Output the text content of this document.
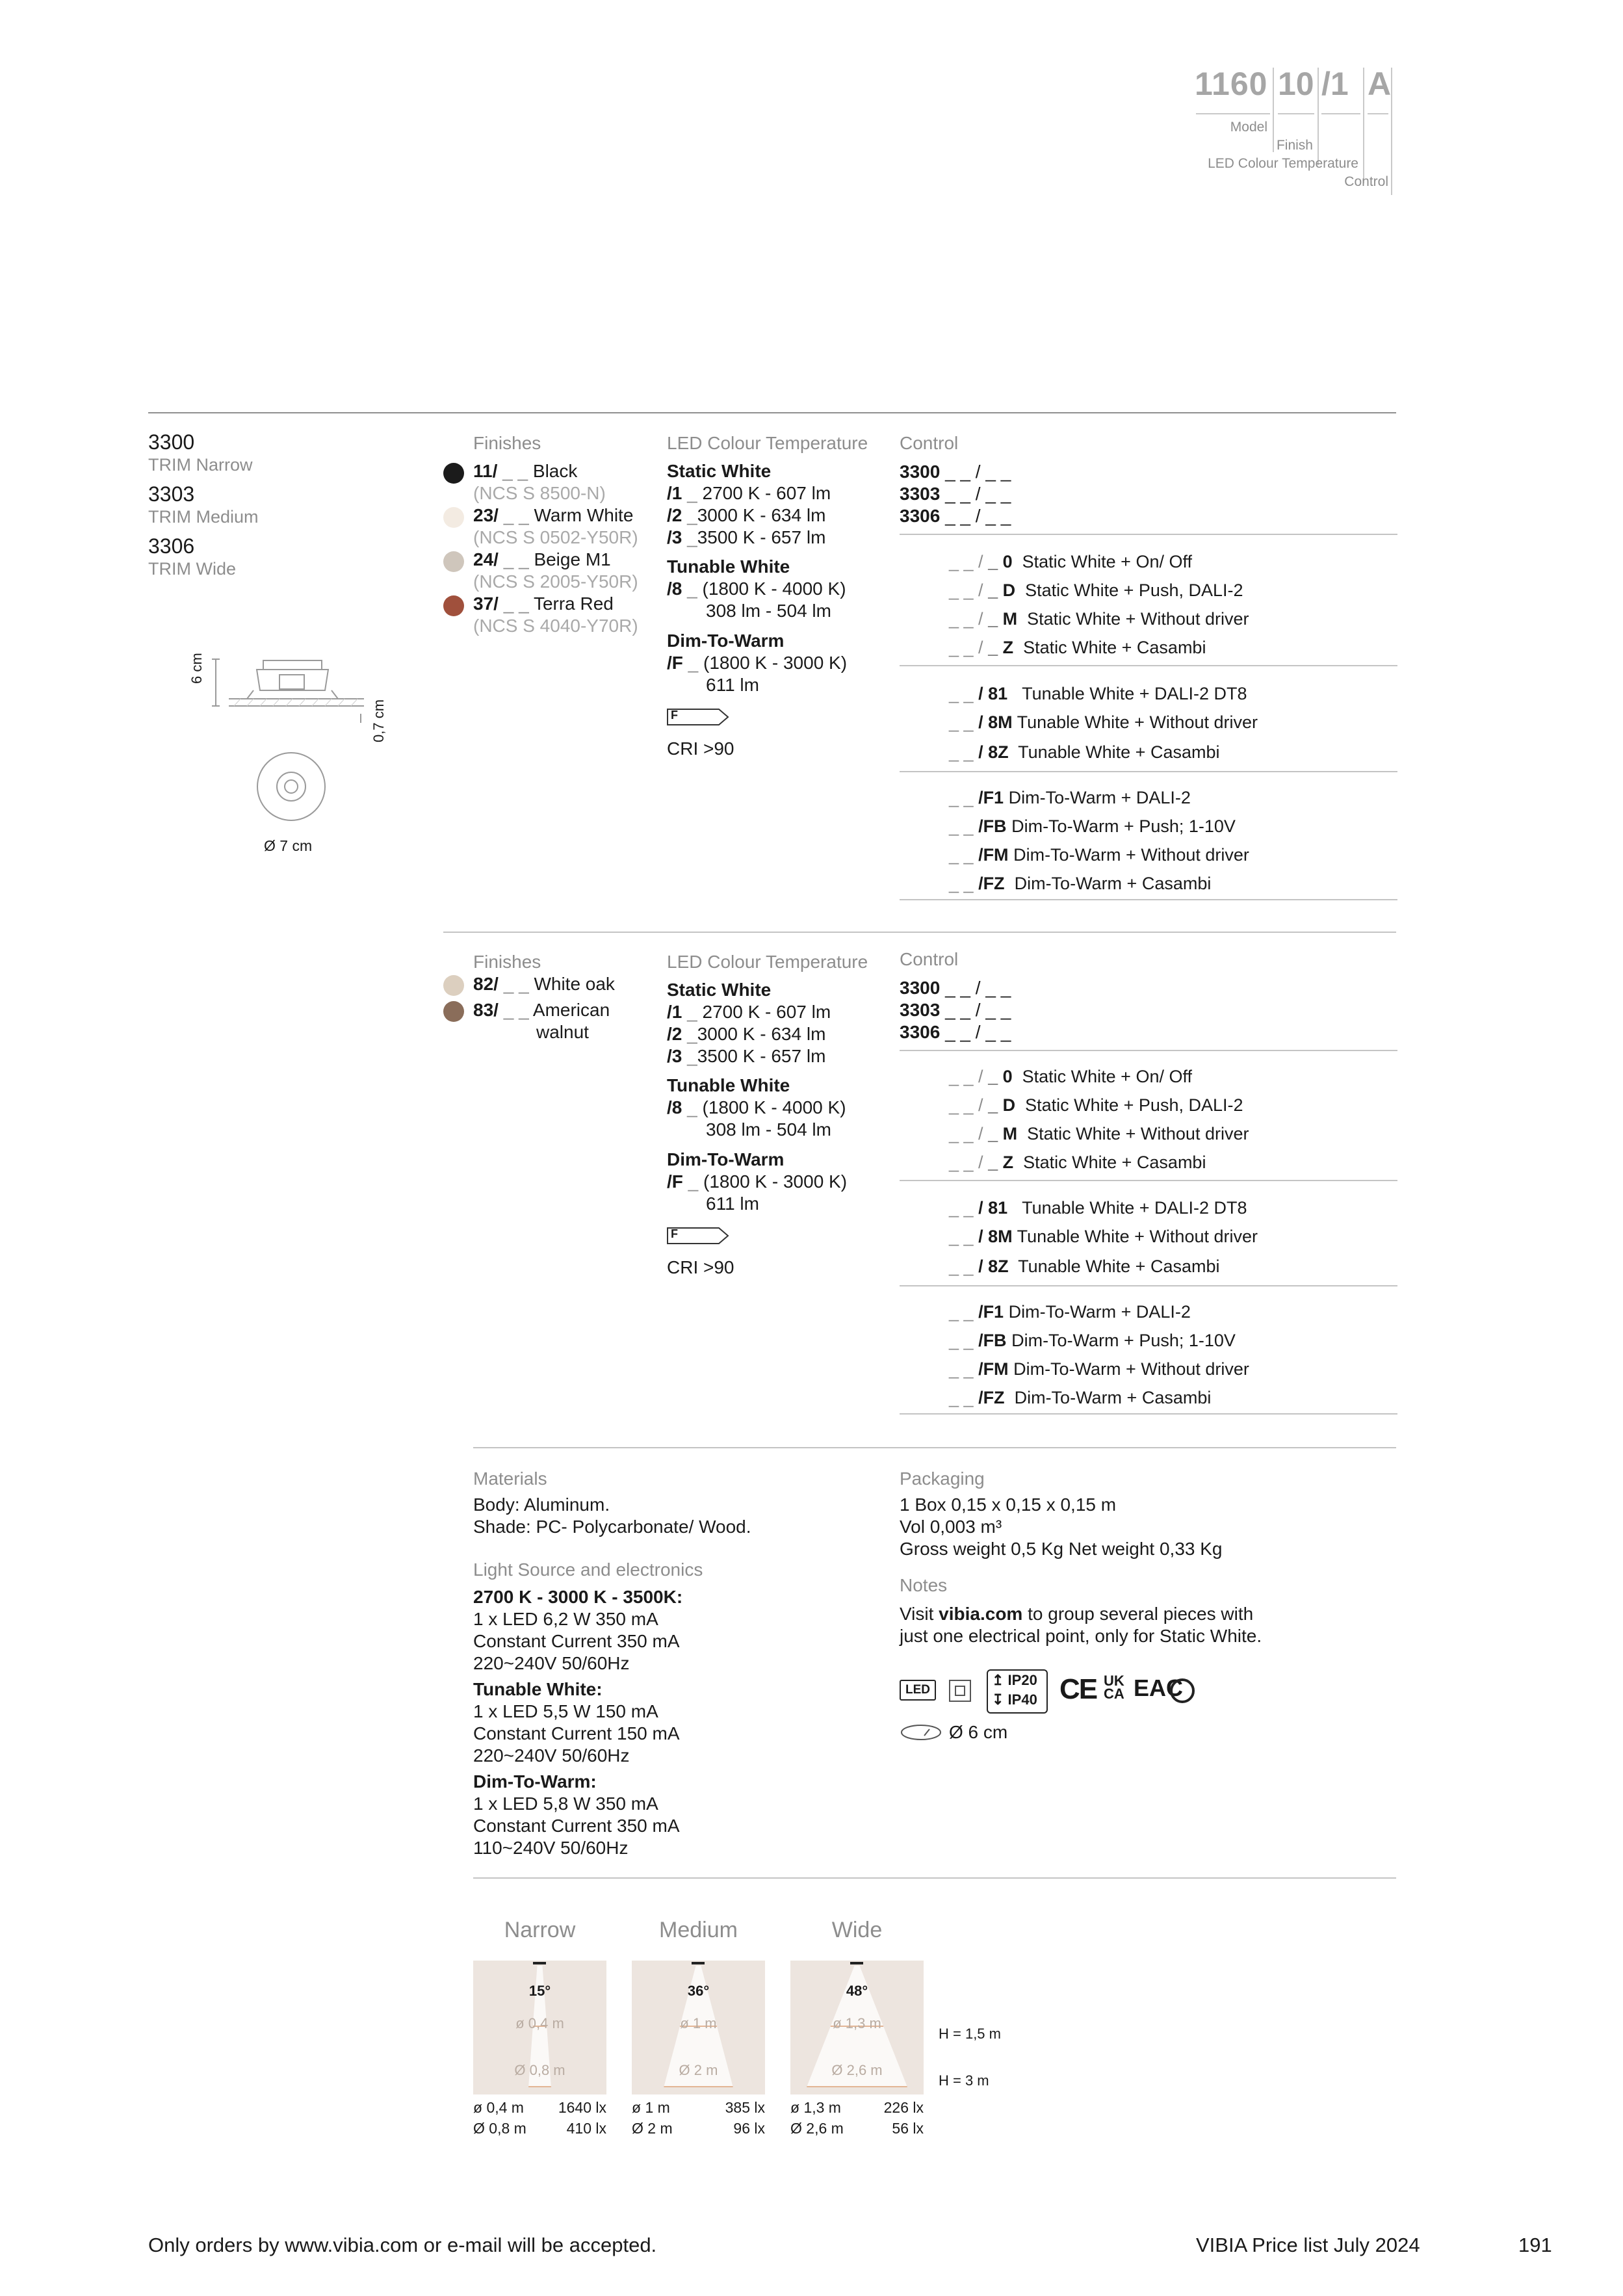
1160 10 /1 A
Model
Finish
LED Colour Temperature
Control
3300
TRIM Narrow
3303
TRIM Medium
3306
TRIM Wide
6 cm
0,7 cm
Ø 7 cm
Finishes
11/ _ _ Black
(NCS S 8500-N)
23/ _ _ Warm White
(NCS S 0502-Y50R)
24/ _ _ Beige M1
(NCS S 2005-Y50R)
37/ _ _ Terra Red
(NCS S 4040-Y70R)
LED Colour Temperature
Static White
/1 _ 2700 K - 607 lm
/2 _3000 K - 634 lm
/3 _3500 K - 657 lm
Tunable White
/8 _ (1800 K - 4000 K)
308 lm - 504 lm
Dim-To-Warm
/F _ (1800 K - 3000 K)
611 lm
F
CRI >90
Control
3300 _ _ / _ _
3303 _ _ / _ _
3306 _ _ / _ _
_ _ / _ 0 Static White + On/ Off
_ _ / _ D Static White + Push, DALI-2
_ _ / _ M Static White + Without driver
_ _ / _ Z Static White + Casambi
_ _ / 81 Tunable White + DALI-2 DT8
_ _ / 8M Tunable White + Without driver
_ _ / 8Z Tunable White + Casambi
_ _ /F1 Dim-To-Warm + DALI-2
_ _ /FB Dim-To-Warm + Push; 1-10V
_ _ /FM Dim-To-Warm + Without driver
_ _ /FZ Dim-To-Warm + Casambi
Finishes
82/ _ _ White oak
83/ _ _ American
walnut
LED Colour Temperature
Static White
/1 _ 2700 K - 607 lm
/2 _3000 K - 634 lm
/3 _3500 K - 657 lm
Tunable White
/8 _ (1800 K - 4000 K)
308 lm - 504 lm
Dim-To-Warm
/F _ (1800 K - 3000 K)
611 lm
F
CRI >90
Control
3300 _ _ / _ _
3303 _ _ / _ _
3306 _ _ / _ _
_ _ / _ 0 Static White + On/ Off
_ _ / _ D Static White + Push, DALI-2
_ _ / _ M Static White + Without driver
_ _ / _ Z Static White + Casambi
_ _ / 81 Tunable White + DALI-2 DT8
_ _ / 8M Tunable White + Without driver
_ _ / 8Z Tunable White + Casambi
_ _ /F1 Dim-To-Warm + DALI-2
_ _ /FB Dim-To-Warm + Push; 1-10V
_ _ /FM Dim-To-Warm + Without driver
_ _ /FZ Dim-To-Warm + Casambi
Materials
Body: Aluminum.
Shade: PC- Polycarbonate/ Wood.
Light Source and electronics
2700 K - 3000 K - 3500K:
1 x LED 6,2 W 350 mA
Constant Current 350 mA
220~240V 50/60Hz
Tunable White:
1 x LED 5,5 W 150 mA
Constant Current 150 mA
220~240V 50/60Hz
Dim-To-Warm:
1 x LED 5,8 W 350 mA
Constant Current 350 mA
110~240V 50/60Hz
Packaging
1 Box 0,15 x 0,15 x 0,15 m
Vol 0,003 m³
Gross weight 0,5 Kg Net weight 0,33 Kg
Notes
Visit vibia.com to group several pieces with
just one electrical point, only for Static White.
LED
↥ IP20
↧ IP40 CE UK
CA EAC
Ø 6 cm
Narrow
15°
ø 0,4 m
Ø 0,8 m
Medium
36°
ø 1 m
Ø 2 m
Wide
48°
ø 1,3 m
Ø 2,6 m
H = 1,5 m
H = 3 m
ø 0,4 m 1640 lx
Ø 0,8 m	410 lx
ø 1 m	385 lx
Ø 2 m	96 lx
ø 1,3 m	226 lx
Ø 2,6 m	56 lx
Only orders by www.vibia.com or e-mail will be accepted.	VIBIA Price list July 2024	191
